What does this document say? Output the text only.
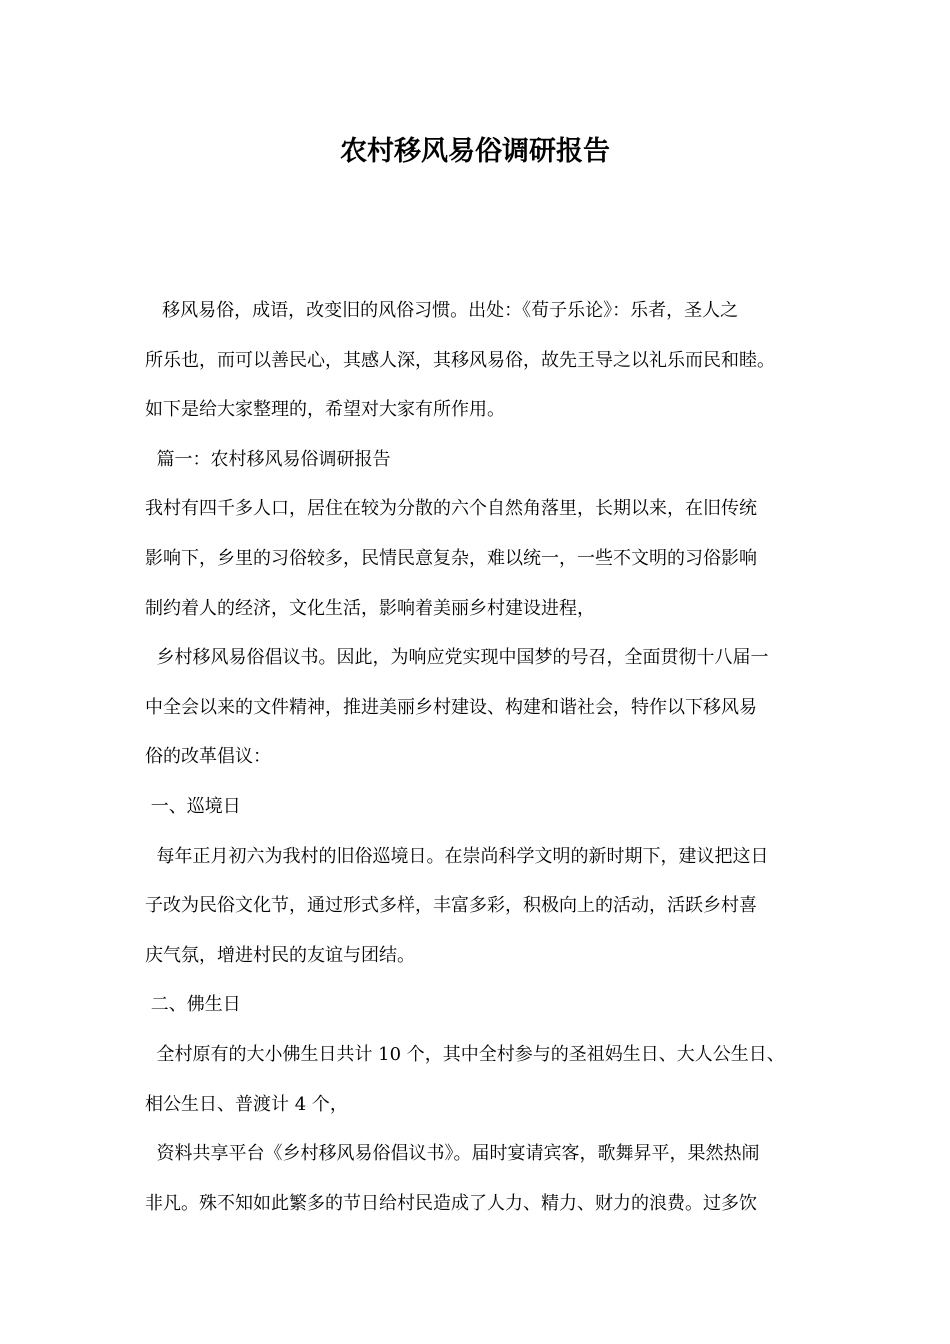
农村移风易俗调研报告
移风易俗，成语，改变旧的风俗习惯。出处：《荀子乐论》：乐者，圣人之
所乐也，而可以善民心，其感人深，其移风易俗，故先王导之以礼乐而民和睦。
如下是给大家整理的，希望对大家有所作用。
篇一：农村移风易俗调研报告
我村有四千多人口，居住在较为分散的六个自然角落里，长期以来，在旧传统
影响下，乡里的习俗较多，民情民意复杂，难以统一，一些不文明的习俗影响
制约着人的经济，文化生活，影响着美丽乡村建设进程，
乡村移风易俗倡议书。因此，为响应党实现中国梦的号召，全面贯彻十八届一
中全会以来的文件精神，推进美丽乡村建设、构建和谐社会，特作以下移风易
俗的改革倡议：
一、巡境日
每年正月初六为我村的旧俗巡境日。在崇尚科学文明的新时期下，建议把这日
子改为民俗文化节，通过形式多样，丰富多彩，积极向上的活动，活跃乡村喜
庆气氛，增进村民的友谊与团结。
二、佛生日
全村原有的大小佛生日共计 10 个，其中全村参与的圣祖妈生日、大人公生日、
相公生日、普渡计 4 个，
资料共享平台《乡村移风易俗倡议书》。届时宴请宾客，歌舞昇平，果然热闹
非凡。殊不知如此繁多的节日给村民造成了人力、精力、财力的浪费。过多饮
